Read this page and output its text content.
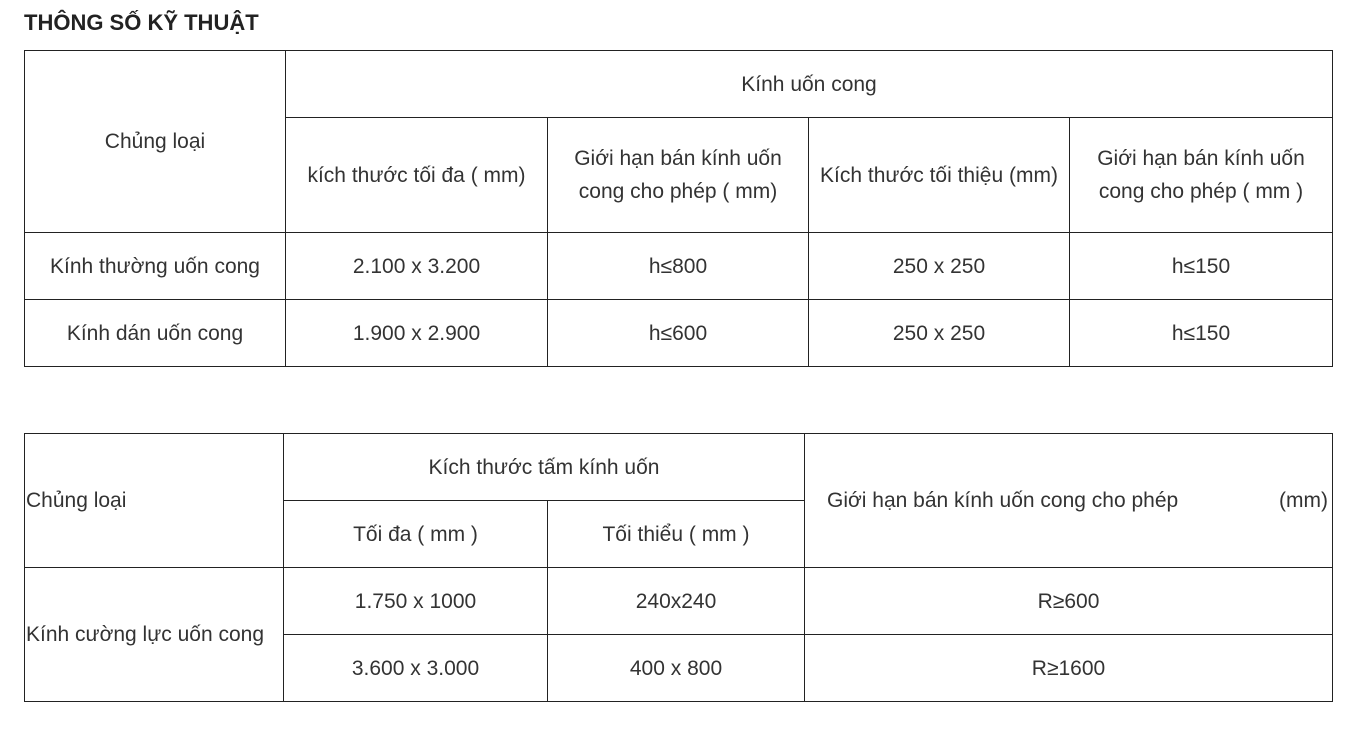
THÔNG SỐ KỸ THUẬT
Chủng loại	Kính uốn cong			
	kích thước tối đa ( mm)	Giới hạn bán kính uốn cong cho phép ( mm)	Kích thước tối thiệu (mm)	Giới hạn bán kính uốn cong cho phép ( mm )
Kính thường uốn cong	2.100 x 3.200	h≤800	250 x 250	h≤150
Kính dán uốn cong	1.900 x 2.900	h≤600	250 x 250	h≤150
Chủng loại	Kích thước tấm kính uốn		Giới hạn bán kính uốn cong cho phép (mm)

	Tối đa ( mm )	Tối thiểu ( mm )	
Kính cường lực uốn cong	1.750 x 1000	240x240	R≥600
	3.600 x 3.000	400 x 800	R≥1600
